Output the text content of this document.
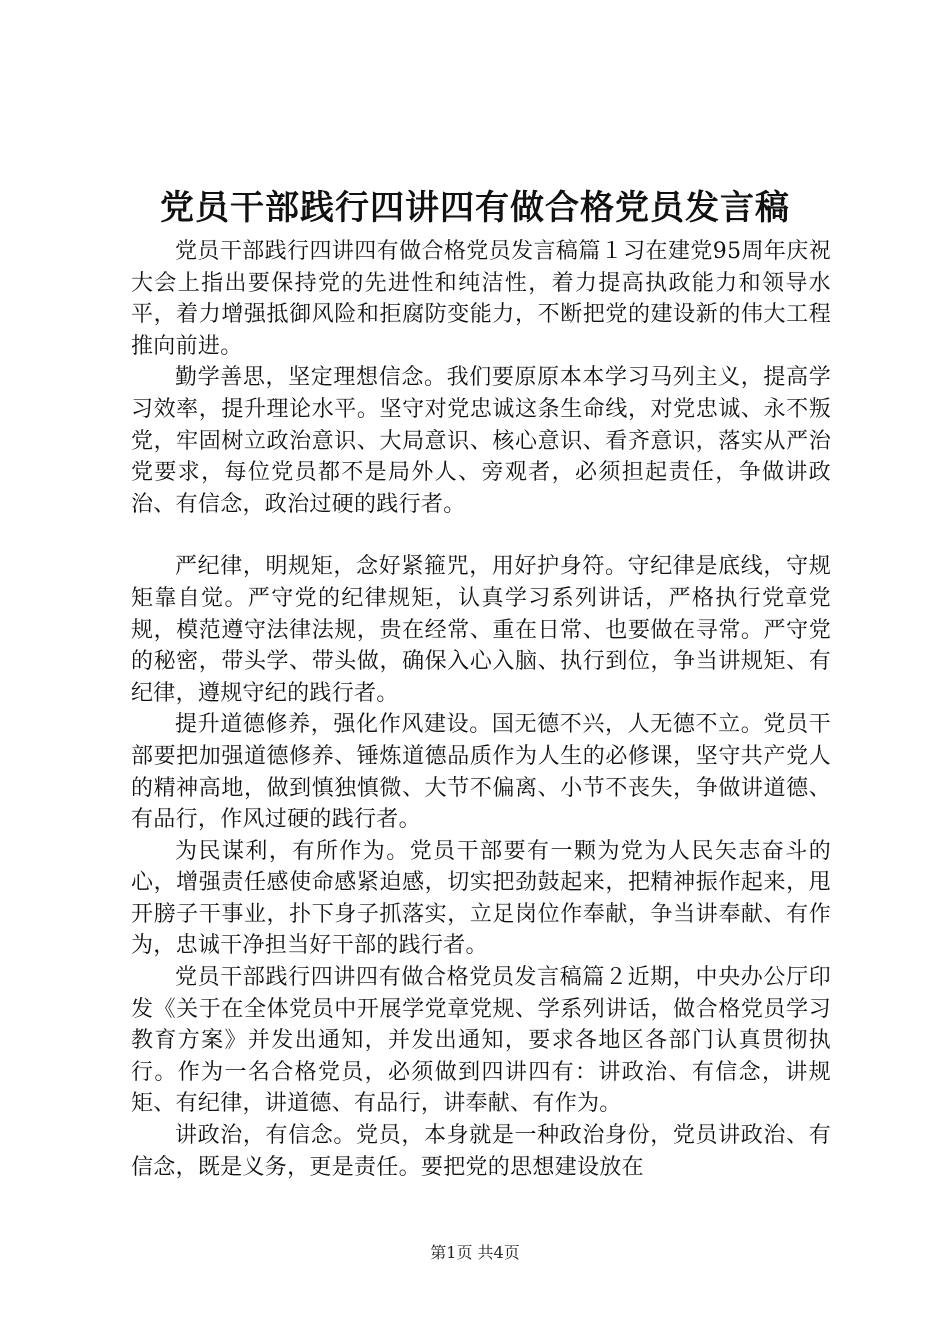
党员干部践行四讲四有做合格党员发言稿

党员干部践行四讲四有做合格党员发言稿篇１习在建党95周年庆祝大会上指出要保持党的先进性和纯洁性，着力提高执政能力和领导水平，着力增强抵御风险和拒腐防变能力，不断把党的建设新的伟大工程推向前进。

勤学善思，坚定理想信念。我们要原原本本学习马列主义，提高学习效率，提升理论水平。坚守对党忠诚这条生命线，对党忠诚、永不叛党，牢固树立政治意识、大局意识、核心意识、看齐意识，落实从严治党要求，每位党员都不是局外人、旁观者，必须担起责任，争做讲政治、有信念，政治过硬的践行者。

严纪律，明规矩，念好紧箍咒，用好护身符。守纪律是底线，守规矩靠自觉。严守党的纪律规矩，认真学习系列讲话，严格执行党章党规，模范遵守法律法规，贵在经常、重在日常、也要做在寻常。严守党的秘密，带头学、带头做，确保入心入脑、执行到位，争当讲规矩、有纪律，遵规守纪的践行者。

提升道德修养，强化作风建设。国无德不兴，人无德不立。党员干部要把加强道德修养、锤炼道德品质作为人生的必修课，坚守共产党人的精神高地，做到慎独慎微、大节不偏离、小节不丧失，争做讲道德、有品行，作风过硬的践行者。

为民谋利，有所作为。党员干部要有一颗为党为人民矢志奋斗的心，增强责任感使命感紧迫感，切实把劲鼓起来，把精神振作起来，甩开膀子干事业，扑下身子抓落实，立足岗位作奉献，争当讲奉献、有作为，忠诚干净担当好干部的践行者。

党员干部践行四讲四有做合格党员发言稿篇２近期，中央办公厅印发《关于在全体党员中开展学党章党规、学系列讲话，做合格党员学习教育方案》并发出通知，并发出通知，要求各地区各部门认真贯彻执行。作为一名合格党员，必须做到四讲四有：讲政治、有信念，讲规矩、有纪律，讲道德、有品行，讲奉献、有作为。

讲政治，有信念。党员，本身就是一种政治身份，党员讲政治、有信念，既是义务，更是责任。要把党的思想建设放在

第1页 共4页
